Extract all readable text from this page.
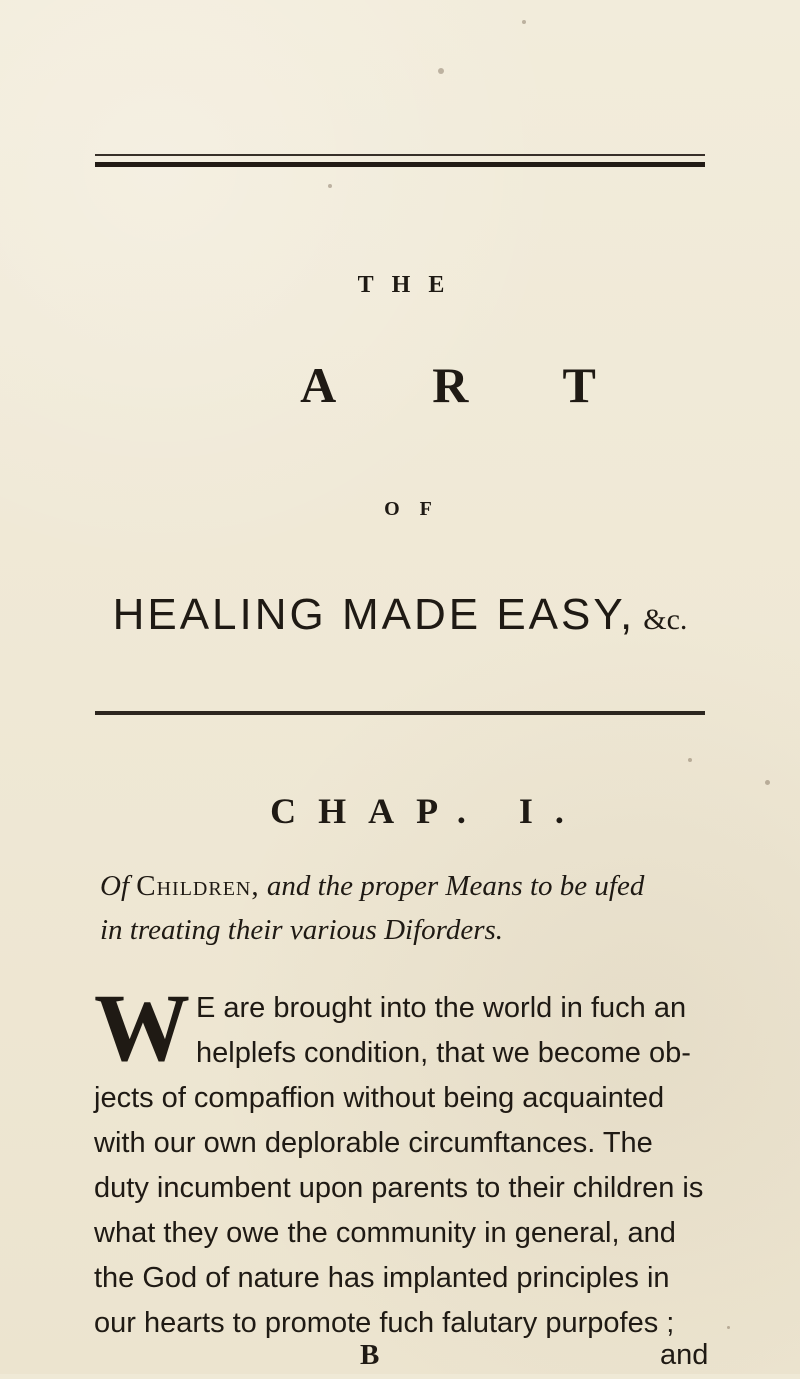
THE
ART
OF
HEALING MADE EASY, &c.
CHAP. I.
Of Children, and the proper Means to be ufed
in treating their various Diforders.
W E are brought into the world in fuch an
helplefs condition, that we become ob-
jects of compaffion without being acquainted
with our own deplorable circumftances. The
duty incumbent upon parents to their children is
what they owe the community in general, and
the God of nature has implanted principles in
our hearts to promote fuch falutary purpofes ;
B	and
